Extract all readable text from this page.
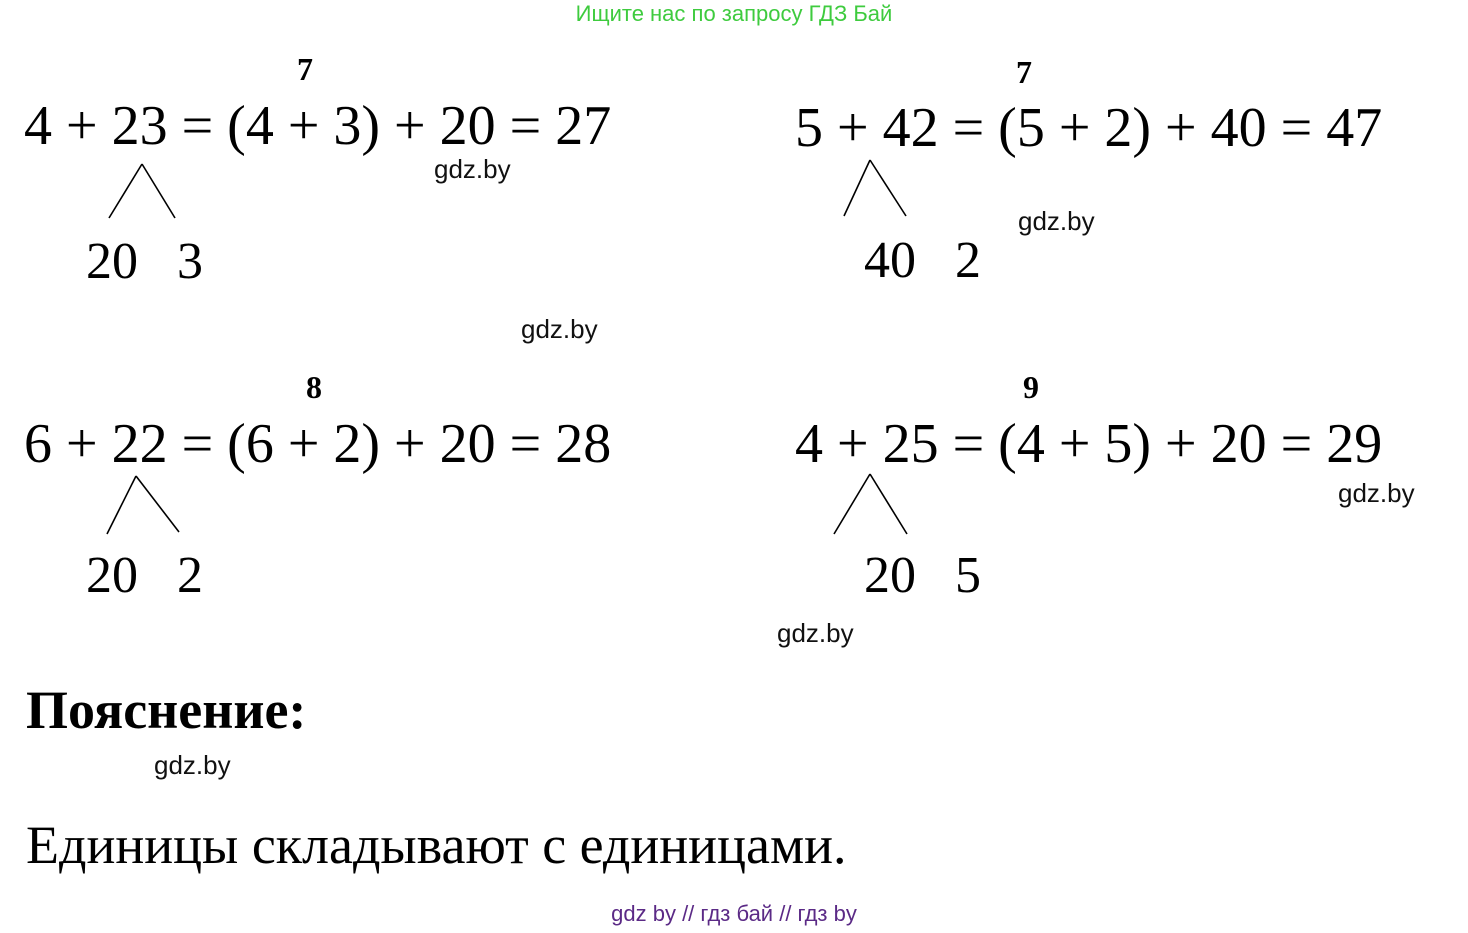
Ищите нас по запросу ГДЗ Бай
7
4 + 23 = (4 + 3) + 20 = 27
20 3
gdz.by
7
5 + 42 = (5 + 2) + 40 = 47
40 2
gdz.by
gdz.by
8
6 + 22 = (6 + 2) + 20 = 28
20 2
9
4 + 25 = (4 + 5) + 20 = 29
20 5
gdz.by
gdz.by
Пояснение:
gdz.by
Единицы складывают с единицами.
gdz by // гдз бай // гдз by
